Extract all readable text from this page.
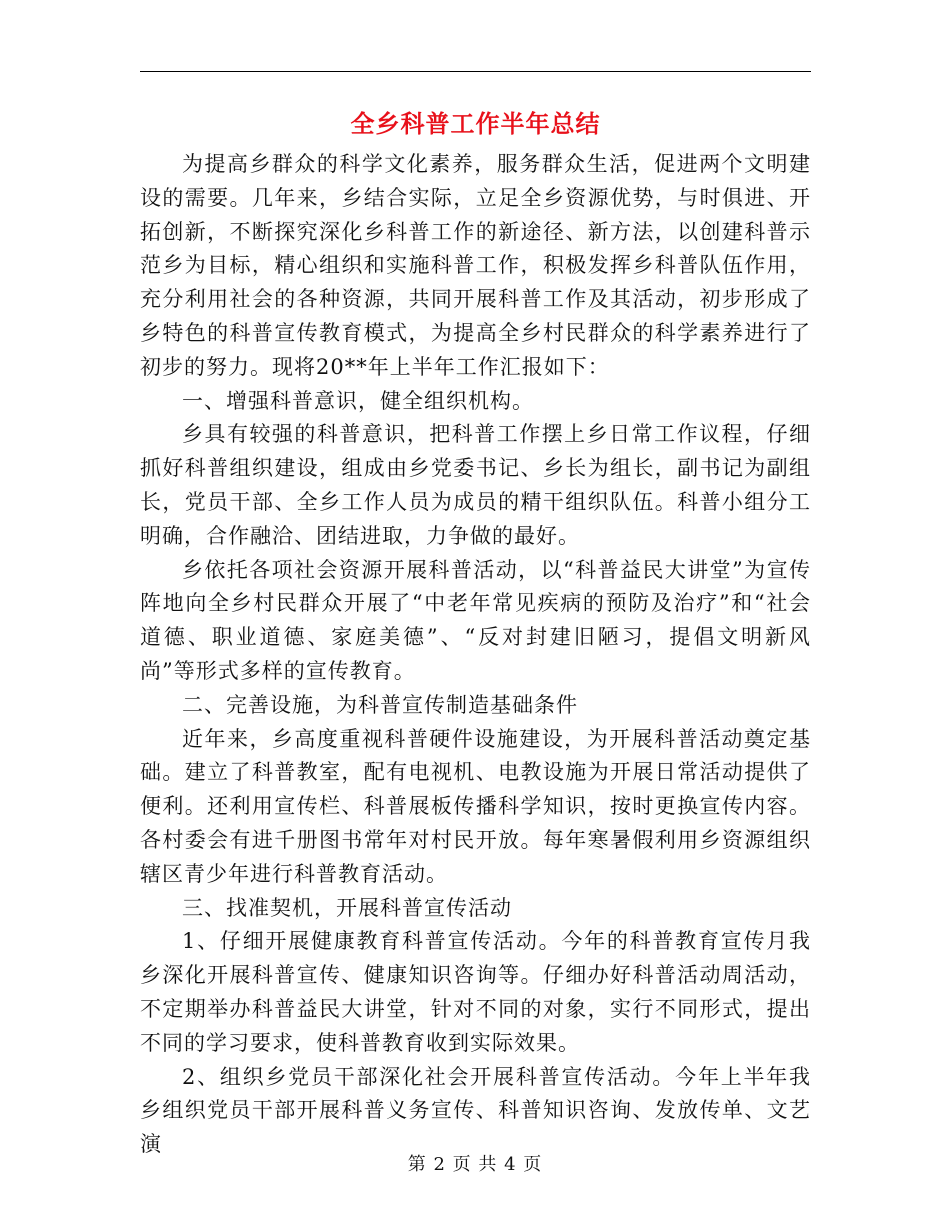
全乡科普工作半年总结

为提高乡群众的科学文化素养，服务群众生活，促进两个文明建设的需要。几年来，乡结合实际，立足全乡资源优势，与时俱进、开拓创新，不断探究深化乡科普工作的新途径、新方法，以创建科普示范乡为目标，精心组织和实施科普工作，积极发挥乡科普队伍作用，充分利用社会的各种资源，共同开展科普工作及其活动，初步形成了乡特色的科普宣传教育模式，为提高全乡村民群众的科学素养进行了初步的努力。现将20**年上半年工作汇报如下：

一、增强科普意识，健全组织机构。

乡具有较强的科普意识，把科普工作摆上乡日常工作议程，仔细抓好科普组织建设，组成由乡党委书记、乡长为组长，副书记为副组长，党员干部、全乡工作人员为成员的精干组织队伍。科普小组分工明确，合作融洽、团结进取，力争做的最好。

乡依托各项社会资源开展科普活动，以“科普益民大讲堂”为宣传阵地向全乡村民群众开展了“中老年常见疾病的预防及治疗”和“社会道德、职业道德、家庭美德”、“反对封建旧陋习，提倡文明新风尚”等形式多样的宣传教育。

二、完善设施，为科普宣传制造基础条件

近年来，乡高度重视科普硬件设施建设，为开展科普活动奠定基础。建立了科普教室，配有电视机、电教设施为开展日常活动提供了便利。还利用宣传栏、科普展板传播科学知识，按时更换宣传内容。各村委会有进千册图书常年对村民开放。每年寒暑假利用乡资源组织辖区青少年进行科普教育活动。

三、找准契机，开展科普宣传活动

1、仔细开展健康教育科普宣传活动。今年的科普教育宣传月我乡深化开展科普宣传、健康知识咨询等。仔细办好科普活动周活动，不定期举办科普益民大讲堂，针对不同的对象，实行不同形式，提出不同的学习要求，使科普教育收到实际效果。

2、组织乡党员干部深化社会开展科普宣传活动。今年上半年我乡组织党员干部开展科普义务宣传、科普知识咨询、发放传单、文艺演

第 2 页 共 4 页
